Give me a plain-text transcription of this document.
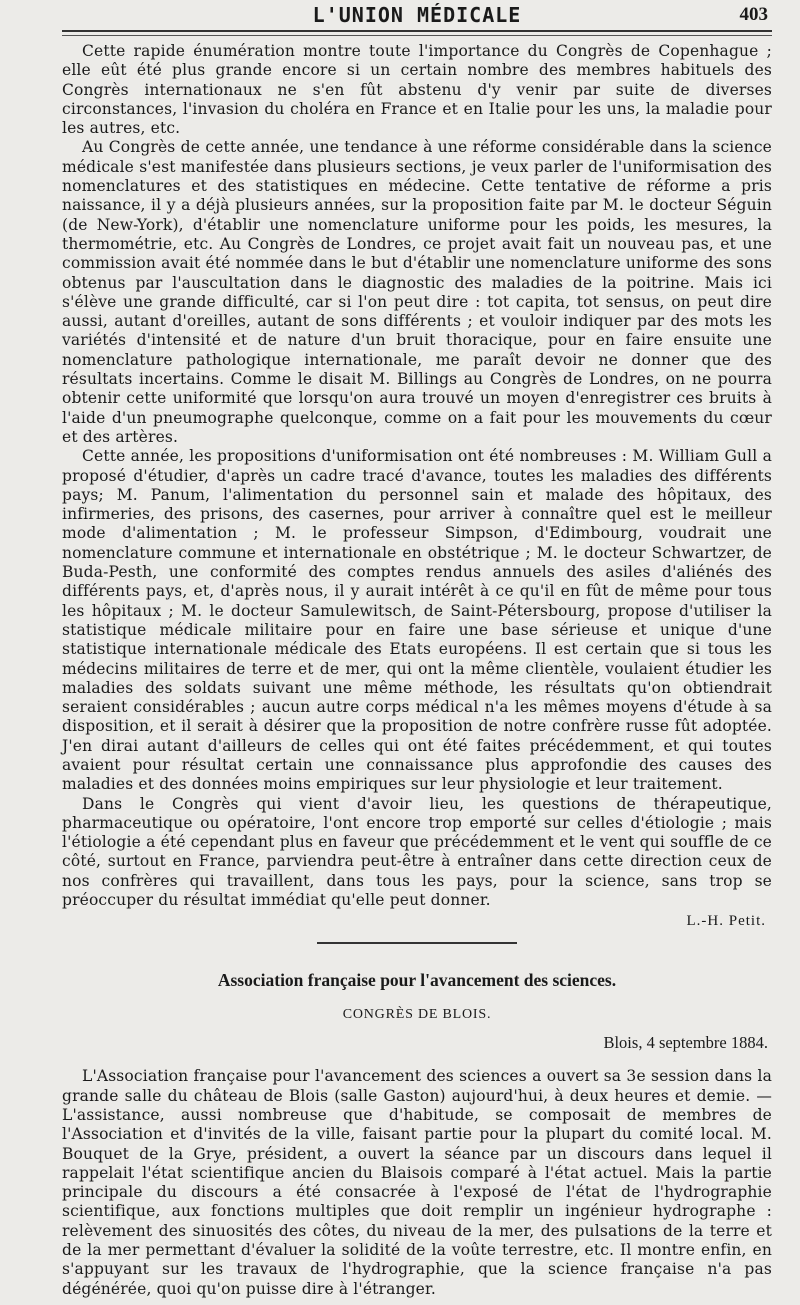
L'UNION MÉDICALE	403

Cette rapide énumération montre toute l'importance du Congrès de Copenhague ; elle eût été plus grande encore si un certain nombre des membres habituels des Congrès internationaux ne s'en fût abstenu d'y venir par suite de diverses circonstances, l'invasion du choléra en France et en Italie pour les uns, la maladie pour les autres, etc.

Au Congrès de cette année, une tendance à une réforme considérable dans la science médicale s'est manifestée dans plusieurs sections, je veux parler de l'uniformisation des nomenclatures et des statistiques en médecine. Cette tentative de réforme a pris naissance, il y a déjà plusieurs années, sur la proposition faite par M. le docteur Séguin (de New-York), d'établir une nomenclature uniforme pour les poids, les mesures, la thermométrie, etc. Au Congrès de Londres, ce projet avait fait un nouveau pas, et une commission avait été nommée dans le but d'établir une nomenclature uniforme des sons obtenus par l'auscultation dans le diagnostic des maladies de la poitrine. Mais ici s'élève une grande difficulté, car si l'on peut dire : tot capita, tot sensus, on peut dire aussi, autant d'oreilles, autant de sons différents ; et vouloir indiquer par des mots les variétés d'intensité et de nature d'un bruit thoracique, pour en faire ensuite une nomenclature pathologique internationale, me paraît devoir ne donner que des résultats incertains. Comme le disait M. Billings au Congrès de Londres, on ne pourra obtenir cette uniformité que lorsqu'on aura trouvé un moyen d'enregistrer ces bruits à l'aide d'un pneumographe quelconque, comme on a fait pour les mouvements du cœur et des artères.

Cette année, les propositions d'uniformisation ont été nombreuses : M. William Gull a proposé d'étudier, d'après un cadre tracé d'avance, toutes les maladies des différents pays; M. Panum, l'alimentation du personnel sain et malade des hôpitaux, des infirmeries, des prisons, des casernes, pour arriver à connaître quel est le meilleur mode d'alimentation ; M. le professeur Simpson, d'Edimbourg, voudrait une nomenclature commune et internationale en obstétrique ; M. le docteur Schwartzer, de Buda-Pesth, une conformité des comptes rendus annuels des asiles d'aliénés des différents pays, et, d'après nous, il y aurait intérêt à ce qu'il en fût de même pour tous les hôpitaux ; M. le docteur Samulewitsch, de Saint-Pétersbourg, propose d'utiliser la statistique médicale militaire pour en faire une base sérieuse et unique d'une statistique internationale médicale des Etats européens. Il est certain que si tous les médecins militaires de terre et de mer, qui ont la même clientèle, voulaient étudier les maladies des soldats suivant une même méthode, les résultats qu'on obtiendrait seraient considérables ; aucun autre corps médical n'a les mêmes moyens d'étude à sa disposition, et il serait à désirer que la proposition de notre confrère russe fût adoptée. J'en dirai autant d'ailleurs de celles qui ont été faites précédemment, et qui toutes avaient pour résultat certain une connaissance plus approfondie des causes des maladies et des données moins empiriques sur leur physiologie et leur traitement.

Dans le Congrès qui vient d'avoir lieu, les questions de thérapeutique, pharmaceutique ou opératoire, l'ont encore trop emporté sur celles d'étiologie ; mais l'étiologie a été cependant plus en faveur que précédemment et le vent qui souffle de ce côté, surtout en France, parviendra peut-être à entraîner dans cette direction ceux de nos confrères qui travaillent, dans tous les pays, pour la science, sans trop se préoccuper du résultat immédiat qu'elle peut donner.

L.-H. Petit.
Association française pour l'avancement des sciences.
CONGRÈS DE BLOIS.
Blois, 4 septembre 1884.

L'Association française pour l'avancement des sciences a ouvert sa 3e session dans la grande salle du château de Blois (salle Gaston) aujourd'hui, à deux heures et demie. — L'assistance, aussi nombreuse que d'habitude, se composait de membres de l'Association et d'invités de la ville, faisant partie pour la plupart du comité local. M. Bouquet de la Grye, président, a ouvert la séance par un discours dans lequel il rappelait l'état scientifique ancien du Blaisois comparé à l'état actuel. Mais la partie principale du discours a été consacrée à l'exposé de l'état de l'hydrographie scientifique, aux fonctions multiples que doit remplir un ingénieur hydrographe : relèvement des sinuosités des côtes, du niveau de la mer, des pulsations de la terre et de la mer permettant d'évaluer la solidité de la voûte terrestre, etc. Il montre enfin, en s'appuyant sur les travaux de l'hydrographie, que la science française n'a pas dégénérée, quoi qu'on puisse dire à l'étranger.
